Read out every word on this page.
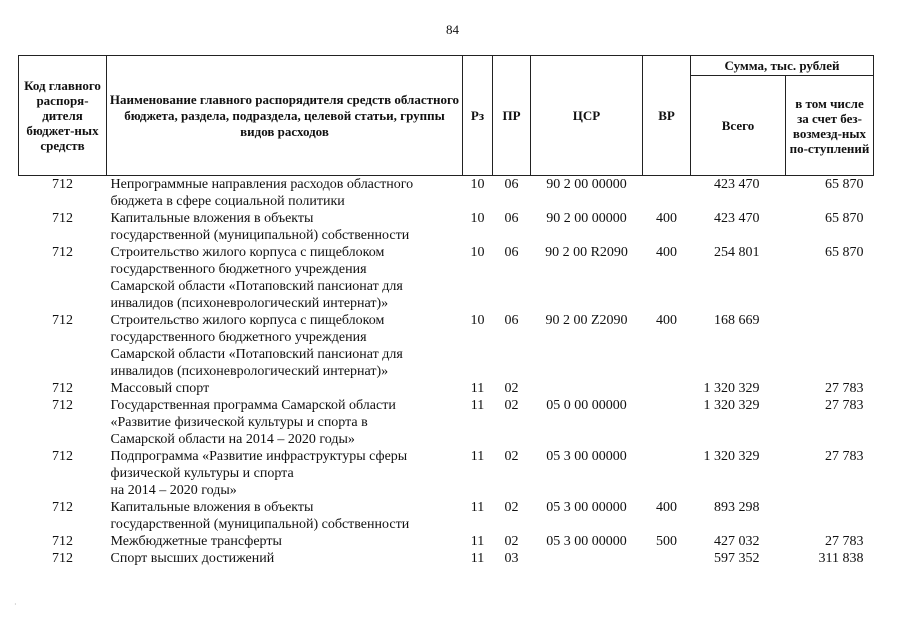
84
Код главного распоря-дителя бюджет-ных средств	Наименование главного распорядителя средств областного бюджета, раздела, подраздела, целевой статьи, группы видов расходов	Рз	ПР	ЦСР	ВР	Сумма, тыс. рублей	
						Всего	в том числе за счет без-возмезд-ных по-ступлений
712	Непрограммные направления расходов областного
бюджета в сфере социальной политики	10	06	90 2 00 00000		423 470	65 870
712	Капитальные вложения в объекты
государственной (муниципальной) собственности	10	06	90 2 00 00000	400	423 470	65 870
712	Строительство жилого корпуса с пищеблоком
государственного бюджетного учреждения
Самарской области «Потаповский пансионат для
инвалидов (психоневрологический интернат)»	10	06	90 2 00 R2090	400	254 801	65 870
712	Строительство жилого корпуса с пищеблоком
государственного бюджетного учреждения
Самарской области «Потаповский пансионат для
инвалидов (психоневрологический интернат)»	10	06	90 2 00 Z2090	400	168 669	
712	Массовый спорт	11	02			1 320 329	27 783
712	Государственная программа Самарской области
«Развитие физической культуры и спорта в
Самарской области на 2014 – 2020 годы»	11	02	05 0 00 00000		1 320 329	27 783
712	Подпрограмма «Развитие инфраструктуры сферы
физической культуры и спорта
на 2014 – 2020 годы»	11	02	05 3 00 00000		1 320 329	27 783
712	Капитальные вложения в объекты
государственной (муниципальной) собственности	11	02	05 3 00 00000	400	893 298	
712	Межбюджетные трансферты	11	02	05 3 00 00000	500	427 032	27 783
712	Спорт высших достижений	11	03			597 352	311 838
·
